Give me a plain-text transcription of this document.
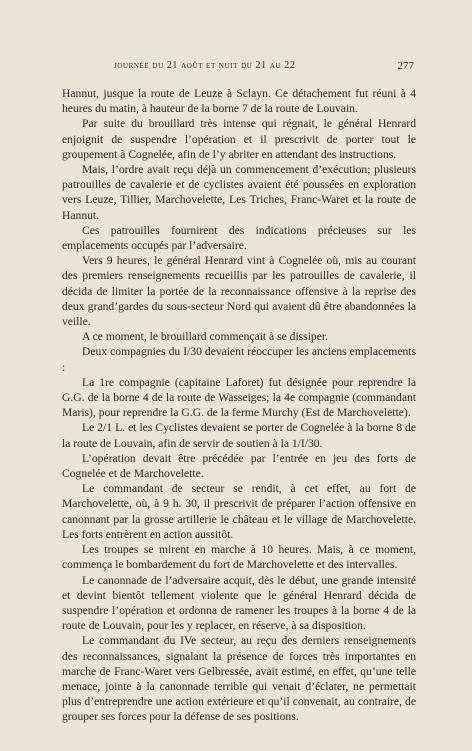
journée du 21 août et nuit du 21 au 22	277

Hannut, jusque la route de Leuze à Sclayn. Ce détachement fut réuni à 4 heures du matin, à hauteur de la borne 7 de la route de Louvain.

Par suite du brouillard très intense qui régnait, le général Henrard enjoignit de suspendre l’opération et il prescrivit de porter tout le groupement à Cognelée, afin de l’y abriter en attendant des instructions.

Mais, l’ordre avait reçu déjà un commencement d’exécution; plusieurs patrouilles de cavalerie et de cyclistes avaient été poussées en exploration vers Leuze, Tillier, Marchovelette, Les Triches, Franc-Waret et la route de Hannut.

Ces patrouilles fournirent des indications précieuses sur les emplacements occupés par l’adversaire.

Vers 9 heures, le général Henrard vint à Cognelée où, mis au courant des premiers renseignements recueillis par les patrouilles de cavalerie, il décida de limiter la portée de la reconnaissance offensive à la reprise des deux grand’gardes du sous-secteur Nord qui avaient dû être abandonnées la veille.

A ce moment, le brouillard commençait à se dissiper.

Deux compagnies du I/30 devaient réoccuper les anciens emplacements :

La 1re compagnie (capitaine Laforet) fut désignée pour reprendre la G.G. de la borne 4 de la route de Wasseiges; la 4e compagnie (commandant Maris), pour reprendre la G.G. de la ferme Murchy (Est de Marchovelette).

Le 2/1 L. et les Cyclistes devaient se porter de Cognelée à la borne 8 de la route de Louvain, afin de servir de soutien à la 1/I/30.

L’opération devait être précédée par l’entrée en jeu des forts de Cognelée et de Marchovelette.

Le commandant de secteur se rendit, à cet effet, au fort de Marchovelette, où, à 9 h. 30, il prescrivit de préparer l’action offensive en canonnant par la grosse artillerie le château et le village de Marchovelette. Les forts entrèrent en action aussitôt.

Les troupes se mirent en marche à 10 heures. Mais, à ce moment, commença le bombardement du fort de Marchovelette et des intervalles.

Le canonnade de l’adversaire acquit, dès le début, une grande intensité et devint bientôt tellement violente que le général Henrard décida de suspendre l’opération et ordonna de ramener les troupes à la borne 4 de la route de Louvain, pour les y replacer, en réserve, à sa disposition.

Le commandant du IVe secteur, au reçu des derniers renseignements des reconnaissances, signalant la présence de forces très importantes en marche de Franc-Waret vers Gelbressée, avait estimé, en effet, qu’une telle menace, jointe à la canonnade terrible qui venait d’éclater, ne permettait plus d’entreprendre une action extérieure et qu’il convenait, au contraire, de grouper ses forces pour la défense de ses positions.
